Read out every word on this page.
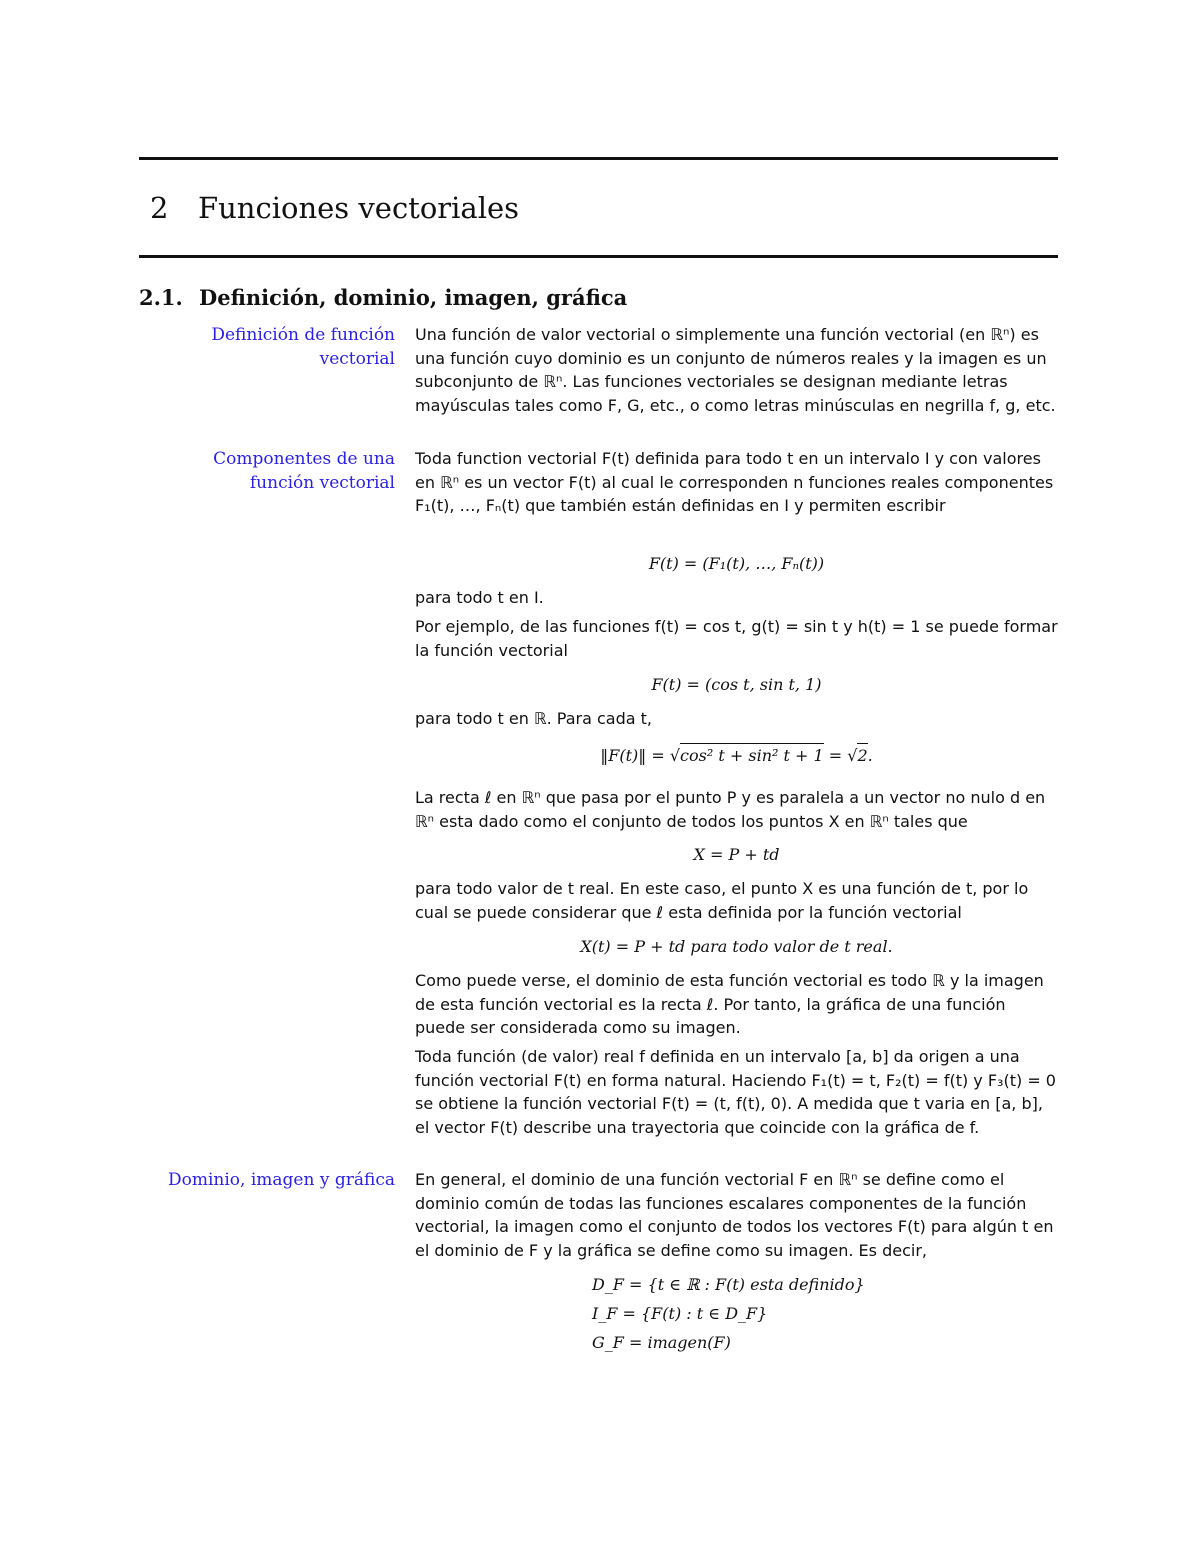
2 Funciones vectoriales
2.1. Definición, dominio, imagen, gráfica
Definición de función vectorial
Componentes de una función vectorial
Dominio, imagen y gráfica
Una función de valor vectorial o simplemente una función vectorial (en ℝⁿ) es una función cuyo dominio es un conjunto de números reales y la imagen es un subconjunto de ℝⁿ. Las funciones vectoriales se designan mediante letras mayúsculas tales como F, G, etc., o como letras minúsculas en negrilla f, g, etc.
Toda function vectorial F(t) definida para todo t en un intervalo I y con valores en ℝⁿ es un vector F(t) al cual le corresponden n funciones reales componentes F₁(t), …, Fₙ(t) que también están definidas en I y permiten escribir
F(t) = (F₁(t), …, Fₙ(t))
para todo t en I.
Por ejemplo, de las funciones f(t) = cos t, g(t) = sin t y h(t) = 1 se puede formar la función vectorial
F(t) = (cos t, sin t, 1)
para todo t en ℝ. Para cada t,
‖F(t)‖ = √cos² t + sin² t + 1 = √2.
La recta ℓ en ℝⁿ que pasa por el punto P y es paralela a un vector no nulo d en ℝⁿ esta dado como el conjunto de todos los puntos X en ℝⁿ tales que
X = P + td
para todo valor de t real. En este caso, el punto X es una función de t, por lo cual se puede considerar que ℓ esta definida por la función vectorial
X(t) = P + td para todo valor de t real.
Como puede verse, el dominio de esta función vectorial es todo ℝ y la imagen de esta función vectorial es la recta ℓ. Por tanto, la gráfica de una función puede ser considerada como su imagen.
Toda función (de valor) real f definida en un intervalo [a, b] da origen a una función vectorial F(t) en forma natural. Haciendo F₁(t) = t, F₂(t) = f(t) y F₃(t) = 0 se obtiene la función vectorial F(t) = (t, f(t), 0). A medida que t varia en [a, b], el vector F(t) describe una trayectoria que coincide con la gráfica de f.
En general, el dominio de una función vectorial F en ℝⁿ se define como el dominio común de todas las funciones escalares componentes de la función vectorial, la imagen como el conjunto de todos los vectores F(t) para algún t en el dominio de F y la gráfica se define como su imagen. Es decir,
D_F = {t ∈ ℝ : F(t) esta definido}
I_F = {F(t) : t ∈ D_F}
G_F = imagen(F)
